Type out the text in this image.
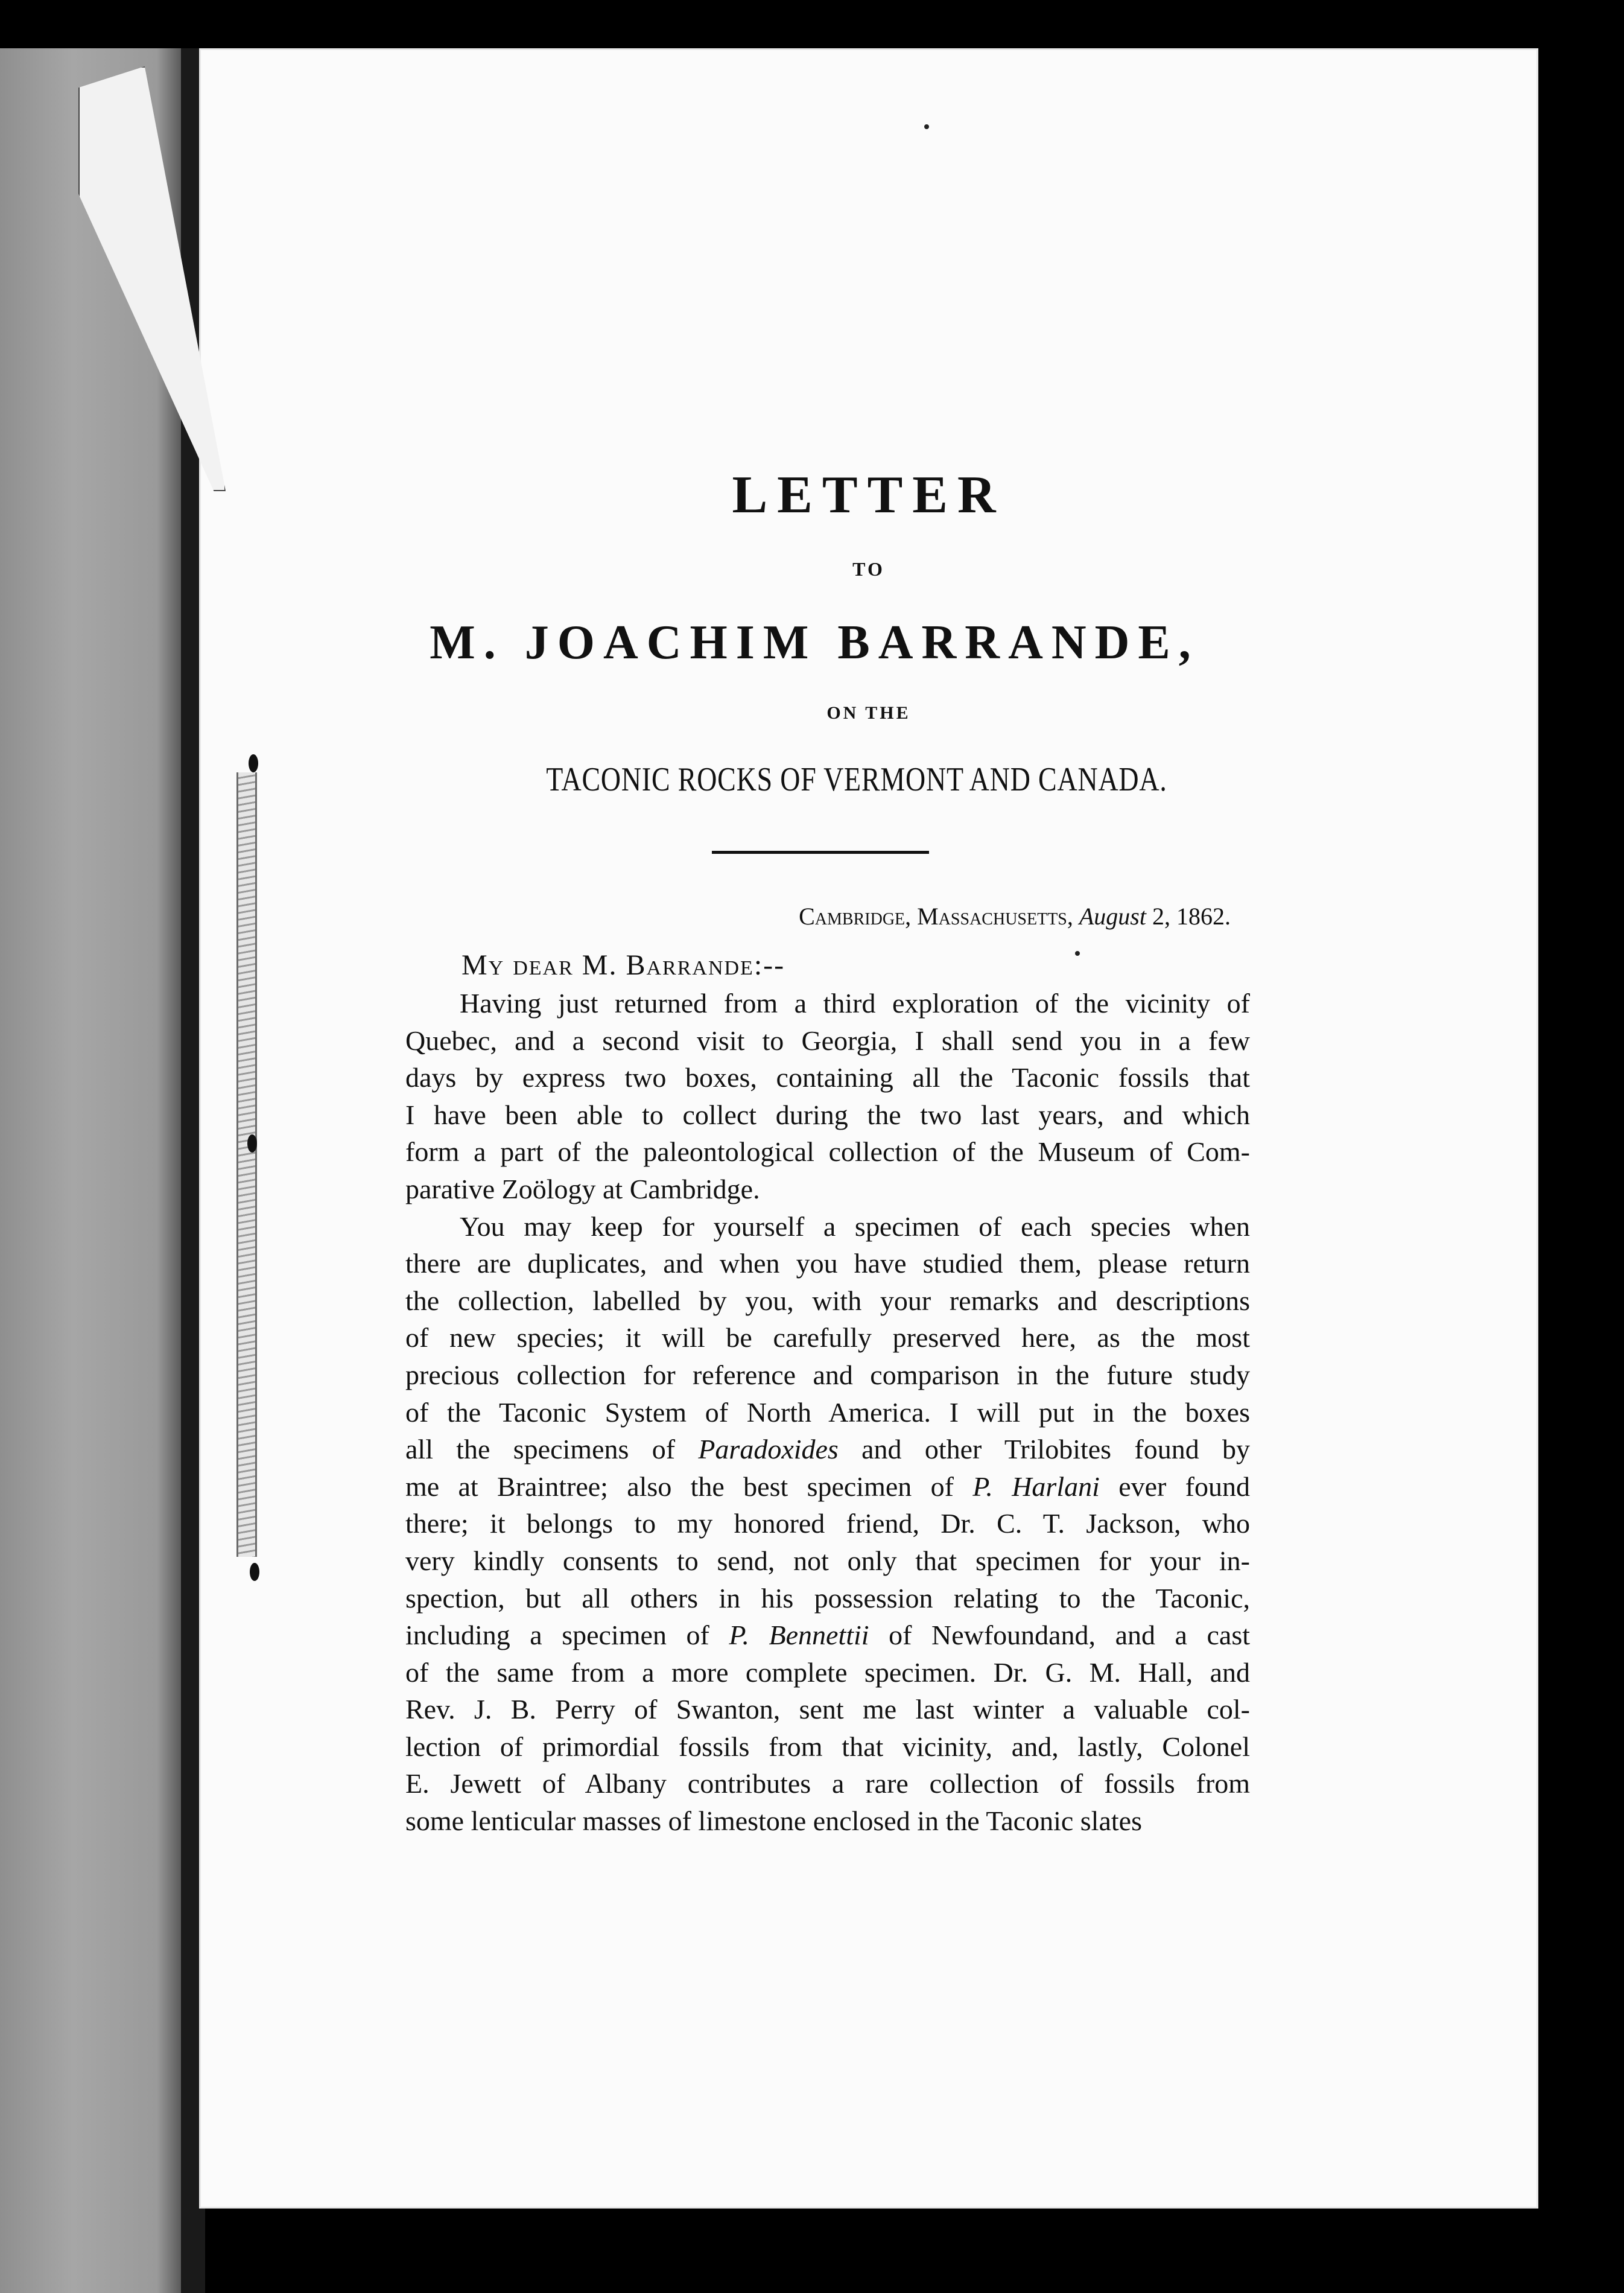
LETTER
TO
M. JOACHIM BARRANDE,
ON THE
TACONIC ROCKS OF VERMONT AND CANADA.
Cambridge, Massachusetts, August 2, 1862.
My dear M. Barrande:--
Having just returned from a third exploration of the vicinity of
Quebec, and a second visit to Georgia, I shall send you in a few
days by express two boxes, containing all the Taconic fossils that
I have been able to collect during the two last years, and which
form a part of the paleontological collection of the Museum of Com-
parative Zoölogy at Cambridge.
You may keep for yourself a specimen of each species when
there are duplicates, and when you have studied them, please return
the collection, labelled by you, with your remarks and descriptions
of new species; it will be carefully preserved here, as the most
precious collection for reference and comparison in the future study
of the Taconic System of North America. I will put in the boxes
all the specimens of Paradoxides and other Trilobites found by
me at Braintree; also the best specimen of P. Harlani ever found
there; it belongs to my honored friend, Dr. C. T. Jackson, who
very kindly consents to send, not only that specimen for your in-
spection, but all others in his possession relating to the Taconic,
including a specimen of P. Bennettii of Newfoundand, and a cast
of the same from a more complete specimen. Dr. G. M. Hall, and
Rev. J. B. Perry of Swanton, sent me last winter a valuable col-
lection of primordial fossils from that vicinity, and, lastly, Colonel
E. Jewett of Albany contributes a rare collection of fossils from
some lenticular masses of limestone enclosed in the Taconic slates
